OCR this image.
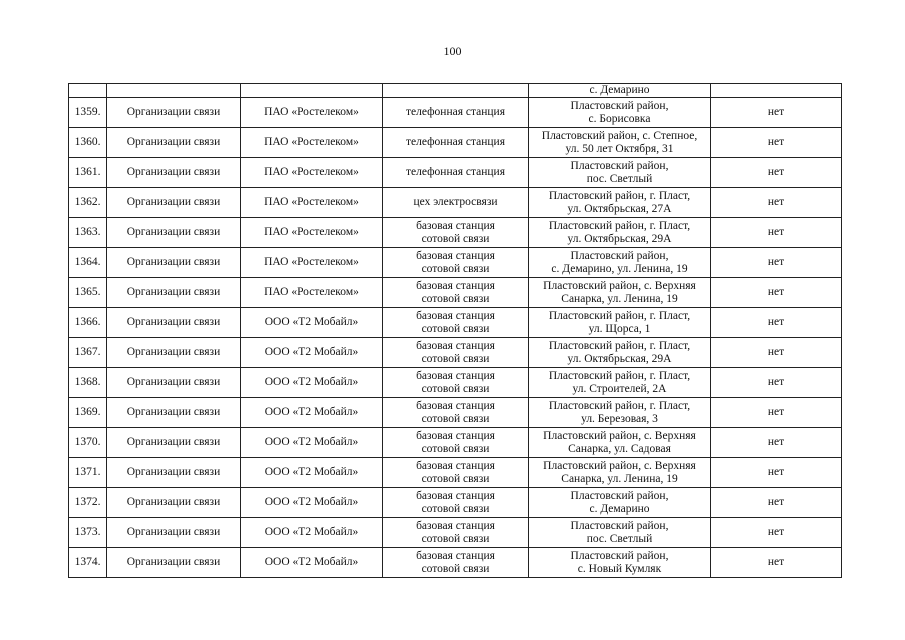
100
				с. Демарино	
1359.	Организации связи	ПАО «Ростелеком»	телефонная станция	Пластовский район,
с. Борисовка	нет
1360.	Организации связи	ПАО «Ростелеком»	телефонная станция	Пластовский район, с. Степное,
ул. 50 лет Октября, 31	нет
1361.	Организации связи	ПАО «Ростелеком»	телефонная станция	Пластовский район,
пос. Светлый	нет
1362.	Организации связи	ПАО «Ростелеком»	цех электросвязи	Пластовский район, г. Пласт,
ул. Октябрьская, 27А	нет
1363.	Организации связи	ПАО «Ростелеком»	базовая станция
сотовой связи	Пластовский район, г. Пласт,
ул. Октябрьская, 29А	нет
1364.	Организации связи	ПАО «Ростелеком»	базовая станция
сотовой связи	Пластовский район,
с. Демарино, ул. Ленина, 19	нет
1365.	Организации связи	ПАО «Ростелеком»	базовая станция
сотовой связи	Пластовский район, с. Верхняя
Санарка, ул. Ленина, 19	нет
1366.	Организации связи	ООО «Т2 Мобайл»	базовая станция
сотовой связи	Пластовский район, г. Пласт,
ул. Щорса, 1	нет
1367.	Организации связи	ООО «Т2 Мобайл»	базовая станция
сотовой связи	Пластовский район, г. Пласт,
ул. Октябрьская, 29А	нет
1368.	Организации связи	ООО «Т2 Мобайл»	базовая станция
сотовой связи	Пластовский район, г. Пласт,
ул. Строителей, 2А	нет
1369.	Организации связи	ООО «Т2 Мобайл»	базовая станция
сотовой связи	Пластовский район, г. Пласт,
ул. Березовая, 3	нет
1370.	Организации связи	ООО «Т2 Мобайл»	базовая станция
сотовой связи	Пластовский район, с. Верхняя
Санарка, ул. Садовая	нет
1371.	Организации связи	ООО «Т2 Мобайл»	базовая станция
сотовой связи	Пластовский район, с. Верхняя
Санарка, ул. Ленина, 19	нет
1372.	Организации связи	ООО «Т2 Мобайл»	базовая станция
сотовой связи	Пластовский район,
с. Демарино	нет
1373.	Организации связи	ООО «Т2 Мобайл»	базовая станция
сотовой связи	Пластовский район,
пос. Светлый	нет
1374.	Организации связи	ООО «Т2 Мобайл»	базовая станция
сотовой связи	Пластовский район,
с. Новый Кумляк	нет
